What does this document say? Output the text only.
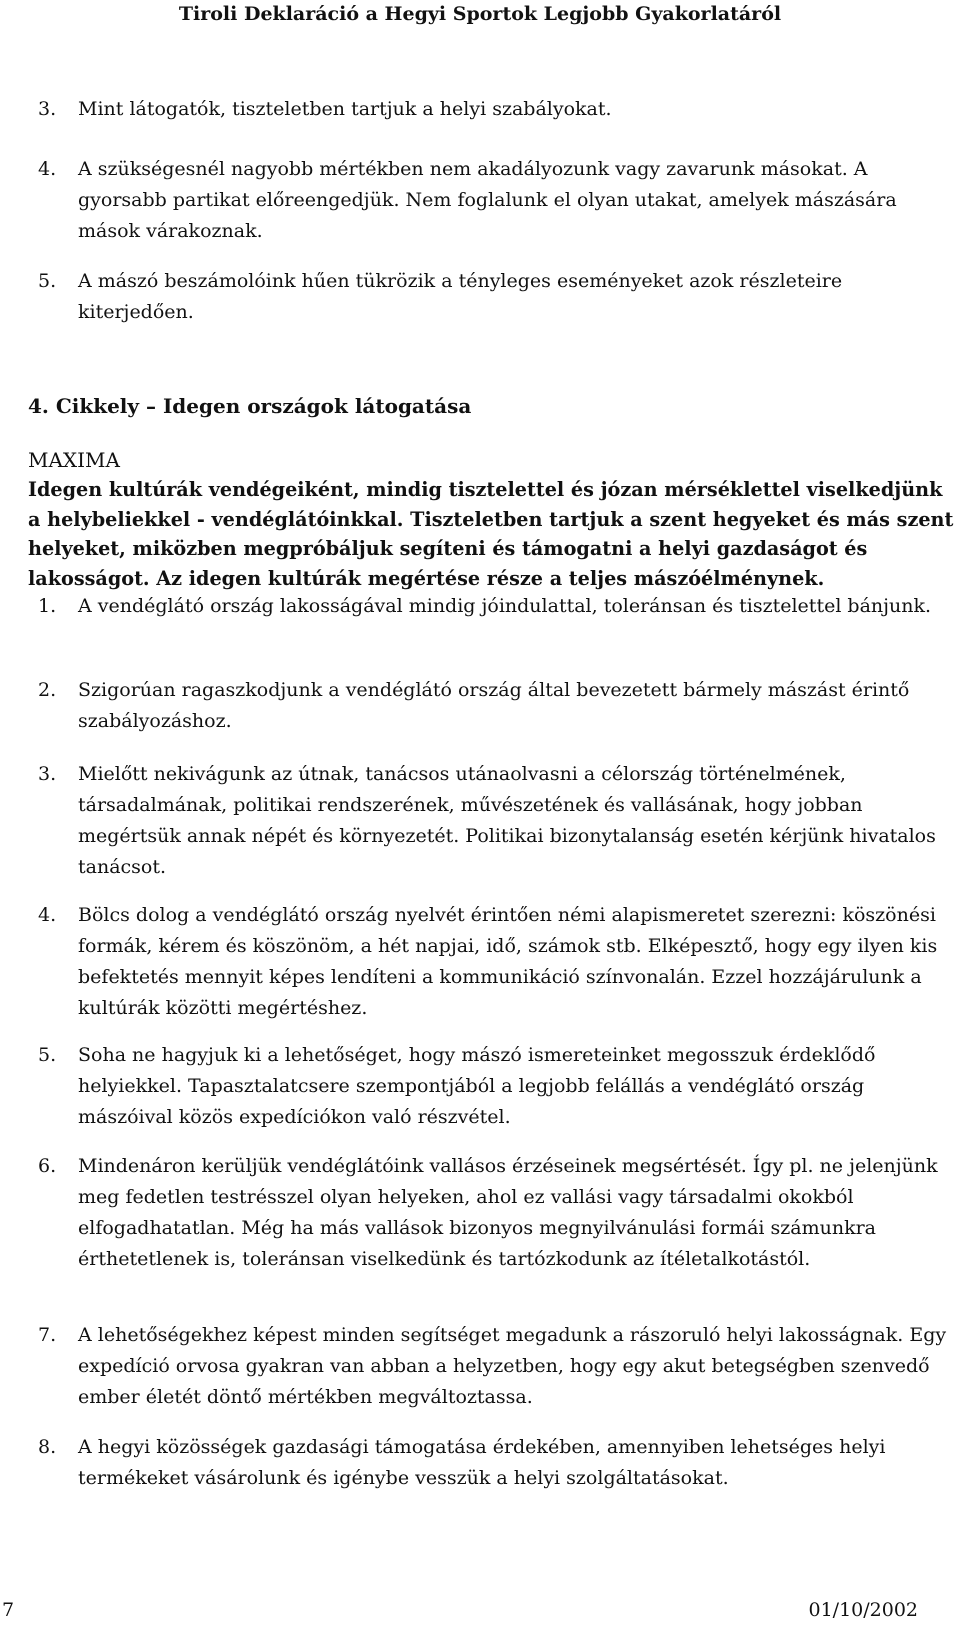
Tiroli Deklaráció a Hegyi Sportok Legjobb Gyakorlatáról
3.	Mint látogatók, tiszteletben tartjuk a helyi szabályokat.
4.	A szükségesnél nagyobb mértékben nem akadályozunk vagy zavarunk másokat. A gyorsabb partikat előreengedjük. Nem foglalunk el olyan utakat, amelyek mászására mások várakoznak.
5.	A mászó beszámolóink hűen tükrözik a tényleges eseményeket azok részleteire kiterjedően.
4. Cikkely – Idegen országok látogatása
MAXIMA
Idegen kultúrák vendégeiként, mindig tisztelettel és józan mérséklettel viselkedjünk a helybeliekkel - vendéglátóinkkal. Tiszteletben tartjuk a szent hegyeket és más szent helyeket, miközben megpróbáljuk segíteni és támogatni a helyi gazdaságot és lakosságot. Az idegen kultúrák megértése része a teljes mászóélménynek.
1.	A vendéglátó ország lakosságával mindig jóindulattal, toleránsan és tisztelettel bánjunk.
2.	Szigorúan ragaszkodjunk a vendéglátó ország által bevezetett bármely mászást érintő szabályozáshoz.
3.	Mielőtt nekivágunk az útnak, tanácsos utánaolvasni a célország történelmének, társadalmának, politikai rendszerének, művészetének és vallásának, hogy jobban megértsük annak népét és környezetét. Politikai bizonytalanság esetén kérjünk hivatalos tanácsot.
4.	Bölcs dolog a vendéglátó ország nyelvét érintően némi alapismeretet szerezni: köszönési formák, kérem és köszönöm, a hét napjai, idő, számok stb. Elképesztő, hogy egy ilyen kis befektetés mennyit képes lendíteni a kommunikáció színvonalán. Ezzel hozzájárulunk a kultúrák közötti megértéshez.
5.	Soha ne hagyjuk ki a lehetőséget, hogy mászó ismereteinket megosszuk érdeklődő helyiekkel. Tapasztalatcsere szempontjából a legjobb felállás a vendéglátó ország mászóival közös expedíciókon való részvétel.
6.	Mindenáron kerüljük vendéglátóink vallásos érzéseinek megsértését. Így pl. ne jelenjünk meg fedetlen testrésszel olyan helyeken, ahol ez vallási vagy társadalmi okokból elfogadhatatlan. Még ha más vallások bizonyos megnyilvánulási formái számunkra érthetetlenek is, toleránsan viselkedünk és tartózkodunk az ítéletalkotástól.
7.	A lehetőségekhez képest minden segítséget megadunk a rászoruló helyi lakosságnak. Egy expedíció orvosa gyakran van abban a helyzetben, hogy egy akut betegségben szenvedő ember életét döntő mértékben megváltoztassa.
8.	A hegyi közösségek gazdasági támogatása érdekében, amennyiben lehetséges helyi termékeket vásárolunk és igénybe vesszük a helyi szolgáltatásokat.
7	01/10/2002
